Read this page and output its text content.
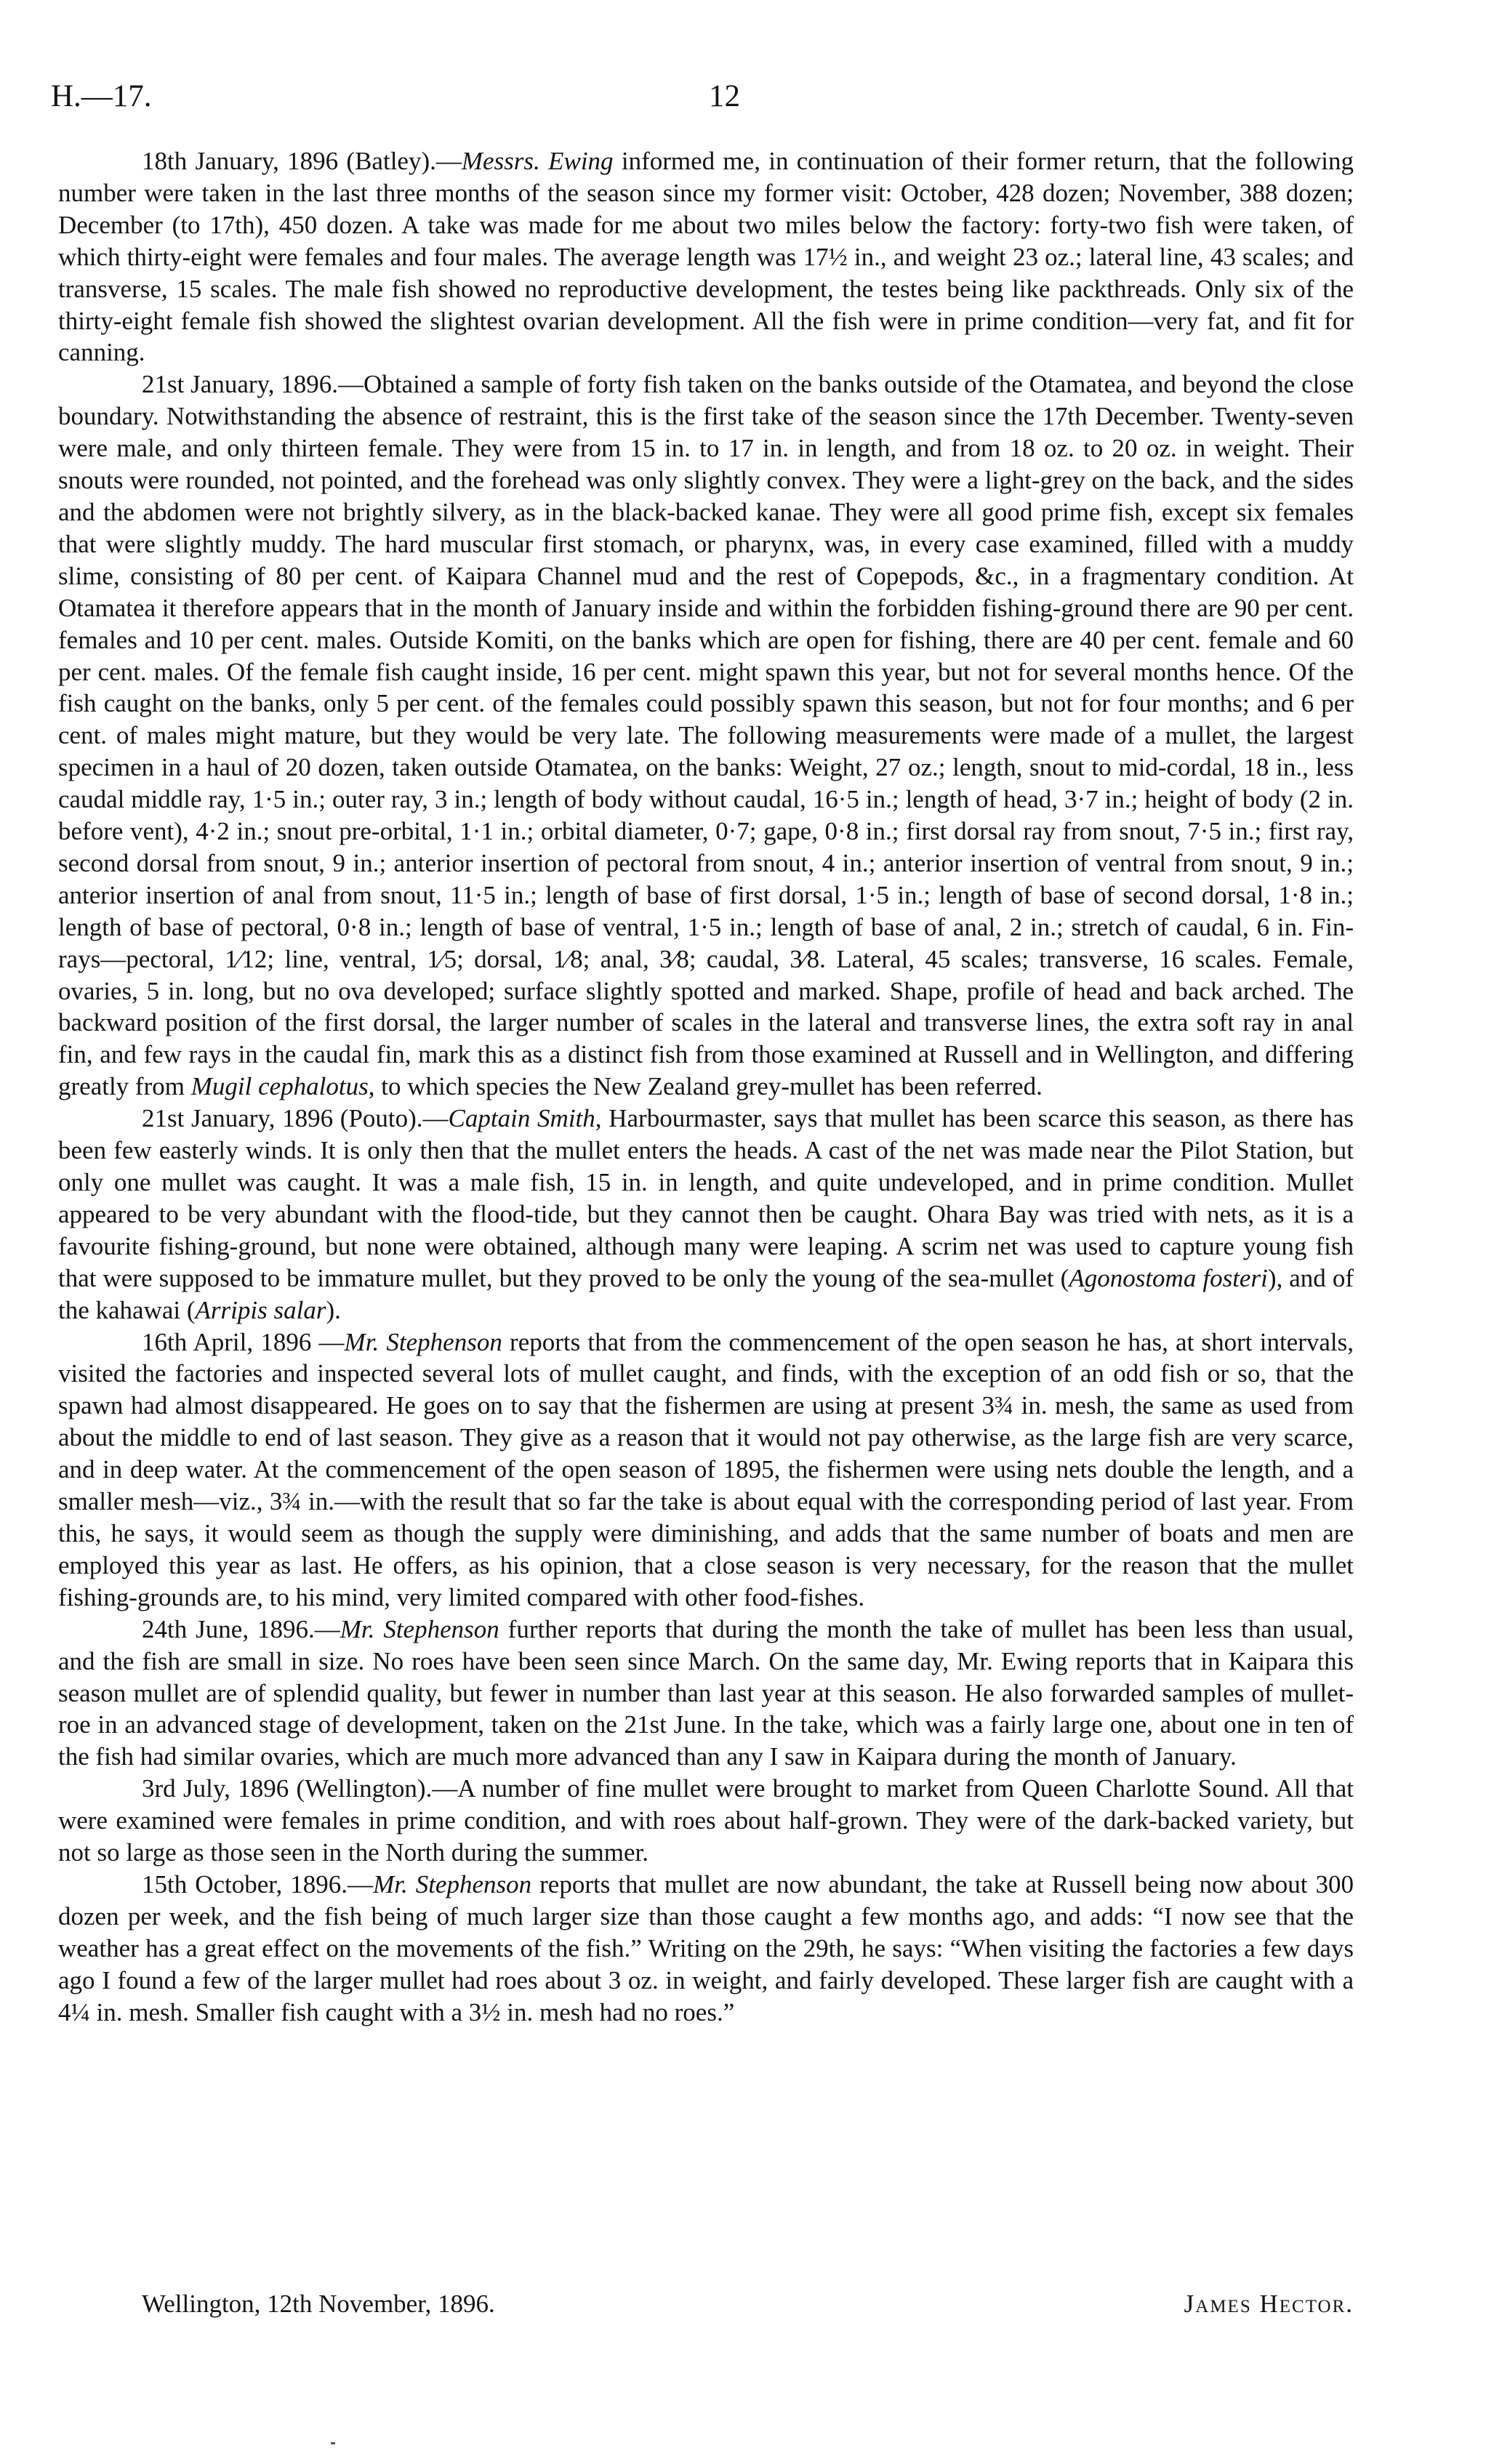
H.—17.	12

18th January, 1896 (Batley).—Messrs. Ewing informed me, in continuation of their former return, that the following number were taken in the last three months of the season since my former visit: October, 428 dozen; November, 388 dozen; December (to 17th), 450 dozen. A take was made for me about two miles below the factory: forty-two fish were taken, of which thirty-eight were females and four males. The average length was 17½ in., and weight 23 oz.; lateral line, 43 scales; and transverse, 15 scales. The male fish showed no reproductive development, the testes being like packthreads. Only six of the thirty-eight female fish showed the slightest ovarian development. All the fish were in prime condition—very fat, and fit for canning.

21st January, 1896.—Obtained a sample of forty fish taken on the banks outside of the Otamatea, and beyond the close boundary. Notwithstanding the absence of restraint, this is the first take of the season since the 17th December. Twenty-seven were male, and only thirteen female. They were from 15 in. to 17 in. in length, and from 18 oz. to 20 oz. in weight. Their snouts were rounded, not pointed, and the forehead was only slightly convex. They were a light-grey on the back, and the sides and the abdomen were not brightly silvery, as in the black-backed kanae. They were all good prime fish, except six females that were slightly muddy. The hard muscular first stomach, or pharynx, was, in every case examined, filled with a muddy slime, consisting of 80 per cent. of Kaipara Channel mud and the rest of Copepods, &c., in a fragmentary condition. At Otamatea it therefore appears that in the month of January inside and within the forbidden fishing-ground there are 90 per cent. females and 10 per cent. males. Outside Komiti, on the banks which are open for fishing, there are 40 per cent. female and 60 per cent. males. Of the female fish caught inside, 16 per cent. might spawn this year, but not for several months hence. Of the fish caught on the banks, only 5 per cent. of the females could possibly spawn this season, but not for four months; and 6 per cent. of males might mature, but they would be very late. The following measurements were made of a mullet, the largest specimen in a haul of 20 dozen, taken outside Otamatea, on the banks: Weight, 27 oz.; length, snout to mid-cordal, 18 in., less caudal middle ray, 1·5 in.; outer ray, 3 in.; length of body without caudal, 16·5 in.; length of head, 3·7 in.; height of body (2 in. before vent), 4·2 in.; snout pre-orbital, 1·1 in.; orbital diameter, 0·7; gape, 0·8 in.; first dorsal ray from snout, 7·5 in.; first ray, second dorsal from snout, 9 in.; anterior insertion of pectoral from snout, 4 in.; anterior insertion of ventral from snout, 9 in.; anterior insertion of anal from snout, 11·5 in.; length of base of first dorsal, 1·5 in.; length of base of second dorsal, 1·8 in.; length of base of pectoral, 0·8 in.; length of base of ventral, 1·5 in.; length of base of anal, 2 in.; stretch of caudal, 6 in. Fin-rays—pectoral, 1⁄12; line, ventral, 1⁄5; dorsal, 1⁄8; anal, 3⁄8; caudal, 3⁄8. Lateral, 45 scales; transverse, 16 scales. Female, ovaries, 5 in. long, but no ova developed; surface slightly spotted and marked. Shape, profile of head and back arched. The backward position of the first dorsal, the larger number of scales in the lateral and transverse lines, the extra soft ray in anal fin, and few rays in the caudal fin, mark this as a distinct fish from those examined at Russell and in Wellington, and differing greatly from Mugil cephalotus, to which species the New Zealand grey-mullet has been referred.

21st January, 1896 (Pouto).—Captain Smith, Harbourmaster, says that mullet has been scarce this season, as there has been few easterly winds. It is only then that the mullet enters the heads. A cast of the net was made near the Pilot Station, but only one mullet was caught. It was a male fish, 15 in. in length, and quite undeveloped, and in prime condition. Mullet appeared to be very abundant with the flood-tide, but they cannot then be caught. Ohara Bay was tried with nets, as it is a favourite fishing-ground, but none were obtained, although many were leaping. A scrim net was used to capture young fish that were supposed to be immature mullet, but they proved to be only the young of the sea-mullet (Agonostoma fosteri), and of the kahawai (Arripis salar).

16th April, 1896 —Mr. Stephenson reports that from the commencement of the open season he has, at short intervals, visited the factories and inspected several lots of mullet caught, and finds, with the exception of an odd fish or so, that the spawn had almost disappeared. He goes on to say that the fishermen are using at present 3¾ in. mesh, the same as used from about the middle to end of last season. They give as a reason that it would not pay otherwise, as the large fish are very scarce, and in deep water. At the commencement of the open season of 1895, the fishermen were using nets double the length, and a smaller mesh—viz., 3¾ in.—with the result that so far the take is about equal with the corresponding period of last year. From this, he says, it would seem as though the supply were diminishing, and adds that the same number of boats and men are employed this year as last. He offers, as his opinion, that a close season is very necessary, for the reason that the mullet fishing-grounds are, to his mind, very limited compared with other food-fishes.

24th June, 1896.—Mr. Stephenson further reports that during the month the take of mullet has been less than usual, and the fish are small in size. No roes have been seen since March. On the same day, Mr. Ewing reports that in Kaipara this season mullet are of splendid quality, but fewer in number than last year at this season. He also forwarded samples of mullet-roe in an advanced stage of development, taken on the 21st June. In the take, which was a fairly large one, about one in ten of the fish had similar ovaries, which are much more advanced than any I saw in Kaipara during the month of January.

3rd July, 1896 (Wellington).—A number of fine mullet were brought to market from Queen Charlotte Sound. All that were examined were females in prime condition, and with roes about half-grown. They were of the dark-backed variety, but not so large as those seen in the North during the summer.

15th October, 1896.—Mr. Stephenson reports that mullet are now abundant, the take at Russell being now about 300 dozen per week, and the fish being of much larger size than those caught a few months ago, and adds: “I now see that the weather has a great effect on the movements of the fish.” Writing on the 29th, he says: “When visiting the factories a few days ago I found a few of the larger mullet had roes about 3 oz. in weight, and fairly developed. These larger fish are caught with a 4¼ in. mesh. Smaller fish caught with a 3½ in. mesh had no roes.”

Wellington, 12th November, 1896.	James Hector.
